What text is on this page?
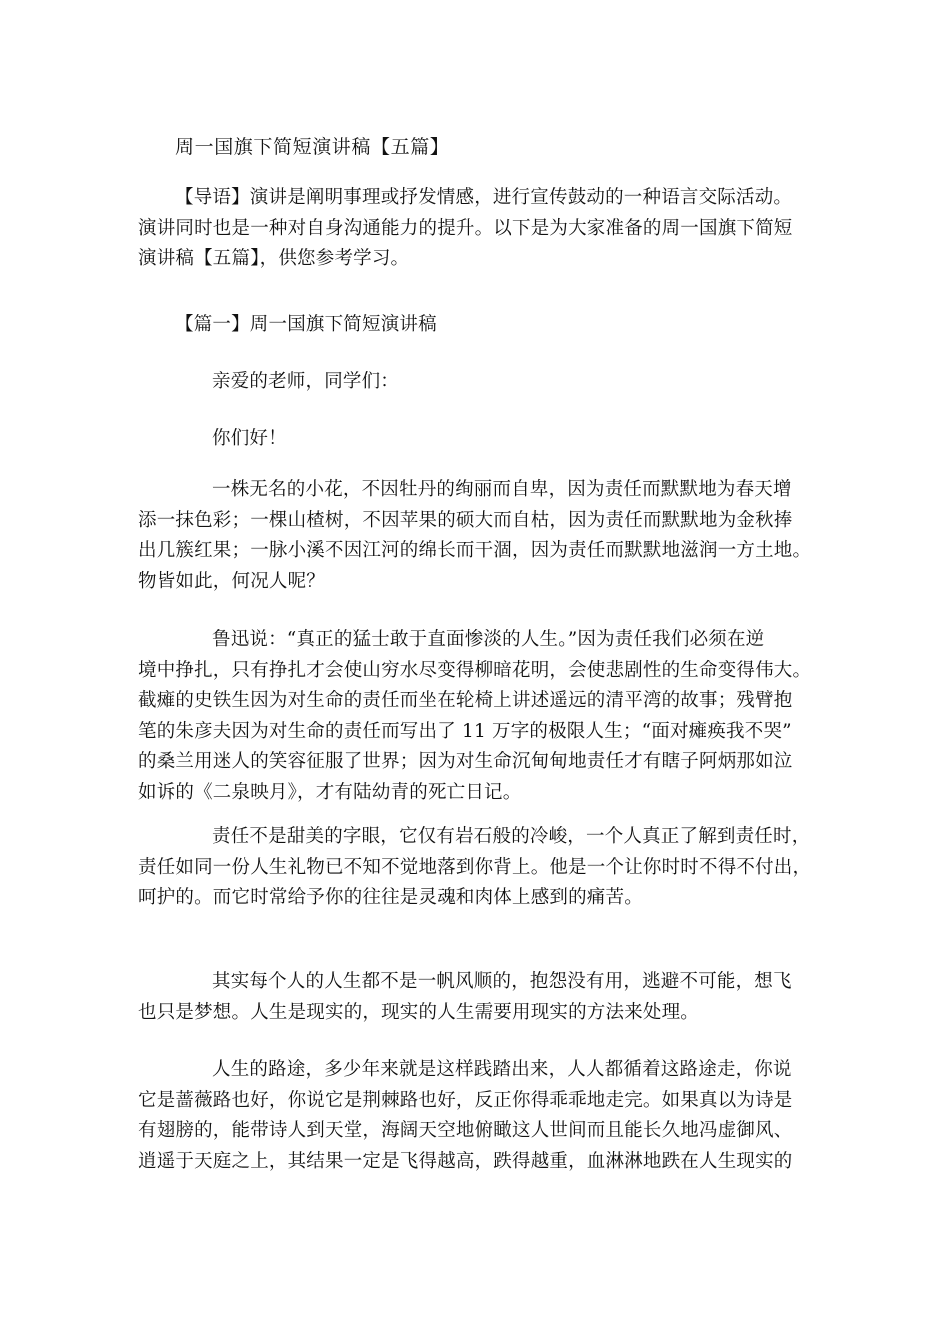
周一国旗下简短演讲稿【五篇】
【导语】演讲是阐明事理或抒发情感，进行宣传鼓动的一种语言交际活动。
演讲同时也是一种对自身沟通能力的提升。以下是为大家准备的周一国旗下简短
演讲稿【五篇】，供您参考学习。
【篇一】周一国旗下简短演讲稿
亲爱的老师，同学们：
你们好！
一株无名的小花，不因牡丹的绚丽而自卑，因为责任而默默地为春天增
添一抹色彩；一棵山楂树，不因苹果的硕大而自枯，因为责任而默默地为金秋捧
出几簇红果；一脉小溪不因江河的绵长而干涸，因为责任而默默地滋润一方土地。
物皆如此，何况人呢？
鲁迅说：“真正的猛士敢于直面惨淡的人生。”因为责任我们必须在逆
境中挣扎，只有挣扎才会使山穷水尽变得柳暗花明，会使悲剧性的生命变得伟大。
截瘫的史铁生因为对生命的责任而坐在轮椅上讲述遥远的清平湾的故事；残臂抱
笔的朱彦夫因为对生命的责任而写出了 11 万字的极限人生；“面对瘫痪我不哭”
的桑兰用迷人的笑容征服了世界；因为对生命沉甸甸地责任才有瞎子阿炳那如泣
如诉的《二泉映月》，才有陆幼青的死亡日记。
责任不是甜美的字眼，它仅有岩石般的冷峻，一个人真正了解到责任时，
责任如同一份人生礼物已不知不觉地落到你背上。他是一个让你时时不得不付出，
呵护的。而它时常给予你的往往是灵魂和肉体上感到的痛苦。
其实每个人的人生都不是一帆风顺的，抱怨没有用，逃避不可能，想飞
也只是梦想。人生是现实的，现实的人生需要用现实的方法来处理。
人生的路途，多少年来就是这样践踏出来，人人都循着这路途走，你说
它是蔷薇路也好，你说它是荆棘路也好，反正你得乖乖地走完。如果真以为诗是
有翅膀的，能带诗人到天堂，海阔天空地俯瞰这人世间而且能长久地冯虚御风、
逍遥于天庭之上，其结果一定是飞得越高，跌得越重，血淋淋地跌在人生现实的
